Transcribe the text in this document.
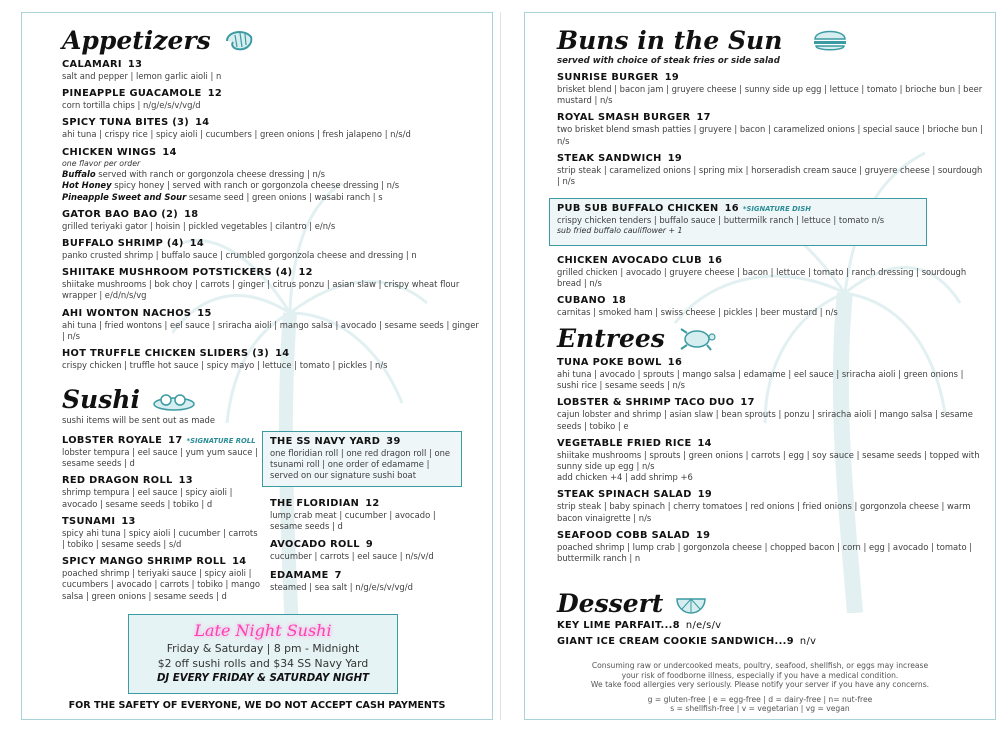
Appetizers
CALAMARI 13
salt and pepper | lemon garlic aioli | n
PINEAPPLE GUACAMOLE 12
corn tortilla chips | n/g/e/s/v/vg/d
SPICY TUNA BITES (3) 14
ahi tuna | crispy rice | spicy aioli | cucumbers | green onions | fresh jalapeno | n/s/d
CHICKEN WINGS 14
one flavor per order
Buffalo served with ranch or gorgonzola cheese dressing | n/s
Hot Honey spicy honey | served with ranch or gorgonzola cheese dressing | n/s
Pineapple Sweet and Sour sesame seed | green onions | wasabi ranch | s
GATOR BAO BAO (2) 18
grilled teriyaki gator | hoisin | pickled vegetables | cilantro | e/n/s
BUFFALO SHRIMP (4) 14
panko crusted shrimp | buffalo sauce | crumbled gorgonzola cheese and dressing | n
SHIITAKE MUSHROOM POTSTICKERS (4) 12
shiitake mushrooms | bok choy | carrots | ginger | citrus ponzu | asian slaw | crispy wheat flour wrapper | e/d/n/s/vg
AHI WONTON NACHOS 15
ahi tuna | fried wontons | eel sauce | sriracha aioli | mango salsa | avocado | sesame seeds | ginger | n/s
HOT TRUFFLE CHICKEN SLIDERS (3) 14
crispy chicken | truffle hot sauce | spicy mayo | lettuce | tomato | pickles | n/s
Sushi
sushi items will be sent out as made
LOBSTER ROYALE 17 *SIGNATURE ROLL
lobster tempura | eel sauce | yum yum sauce | sesame seeds | d
RED DRAGON ROLL 13
shrimp tempura | eel sauce | spicy aioli | avocado | sesame seeds | tobiko | d
TSUNAMI 13
spicy ahi tuna | spicy aioli | cucumber | carrots | tobiko | sesame seeds | s/d
SPICY MANGO SHRIMP ROLL 14
poached shrimp | teriyaki sauce | spicy aioli | cucumbers | avocado | carrots | tobiko | mango salsa | green onions | sesame seeds | d
THE SS NAVY YARD 39
one floridian roll | one red dragon roll | one tsunami roll | one order of edamame | served on our signature sushi boat
THE FLORIDIAN 12
lump crab meat | cucumber | avocado | sesame seeds | d
AVOCADO ROLL 9
cucumber | carrots | eel sauce | n/s/v/d
EDAMAME 7
steamed | sea salt | n/g/e/s/v/vg/d
Late Night Sushi
Friday & Saturday | 8 pm - Midnight
$2 off sushi rolls and $34 SS Navy Yard
DJ EVERY FRIDAY & SATURDAY NIGHT
FOR THE SAFETY OF EVERYONE, WE DO NOT ACCEPT CASH PAYMENTS
Buns in the Sun
served with choice of steak fries or side salad
SUNRISE BURGER 19
brisket blend | bacon jam | gruyere cheese | sunny side up egg | lettuce | tomato | brioche bun | beer mustard | n/s
ROYAL SMASH BURGER 17
two brisket blend smash patties | gruyere | bacon | caramelized onions | special sauce | brioche bun | n/s
STEAK SANDWICH 19
strip steak | caramelized onions | spring mix | horseradish cream sauce | gruyere cheese | sourdough | n/s
PUB SUB BUFFALO CHICKEN 16 *SIGNATURE DISH
crispy chicken tenders | buffalo sauce | buttermilk ranch | lettuce | tomato n/s
sub fried buffalo cauliflower + 1
CHICKEN AVOCADO CLUB 16
grilled chicken | avocado | gruyere cheese | bacon | lettuce | tomato | ranch dressing | sourdough bread | n/s
CUBANO 18
carnitas | smoked ham | swiss cheese | pickles | beer mustard | n/s
Entrees
TUNA POKE BOWL 16
ahi tuna | avocado | sprouts | mango salsa | edamame | eel sauce | sriracha aioli | green onions | sushi rice | sesame seeds | n/s
LOBSTER & SHRIMP TACO DUO 17
cajun lobster and shrimp | asian slaw | bean sprouts | ponzu | sriracha aioli | mango salsa | sesame seeds | tobiko | e
VEGETABLE FRIED RICE 14
shiitake mushrooms | sprouts | green onions | carrots | egg | soy sauce | sesame seeds | topped with sunny side up egg | n/s
add chicken +4 | add shrimp +6
STEAK SPINACH SALAD 19
strip steak | baby spinach | cherry tomatoes | red onions | fried onions | gorgonzola cheese | warm bacon vinaigrette | n/s
SEAFOOD COBB SALAD 19
poached shrimp | lump crab | gorgonzola cheese | chopped bacon | corn | egg | avocado | tomato | buttermilk ranch | n
Dessert
KEY LIME PARFAIT...8 n/e/s/v
GIANT ICE CREAM COOKIE SANDWICH...9 n/v
Consuming raw or undercooked meats, poultry, seafood, shellfish, or eggs may increase
your risk of foodborne illness, especially if you have a medical condition.
We take food allergies very seriously. Please notify your server if you have any concerns.
g = gluten-free | e = egg-free | d = dairy-free | n= nut-free
s = shellfish-free | v = vegetarian | vg = vegan
